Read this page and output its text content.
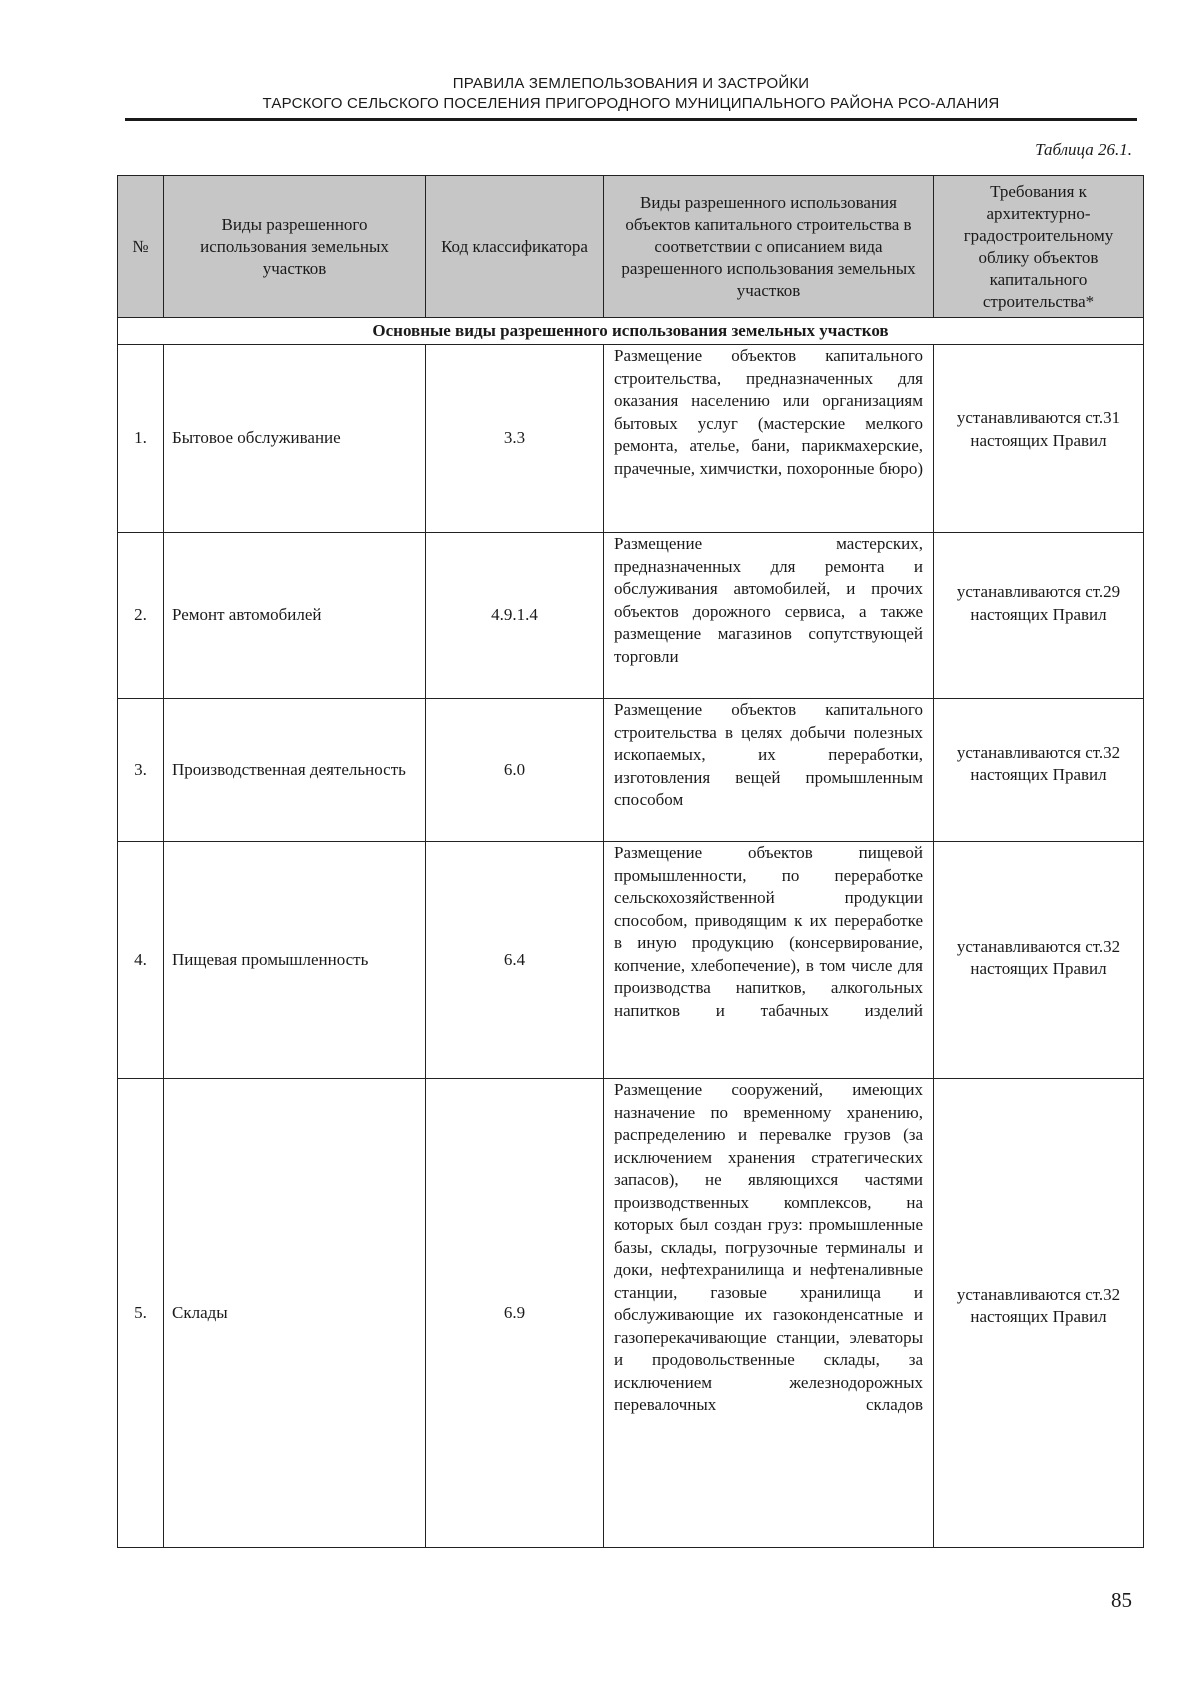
ПРАВИЛА ЗЕМЛЕПОЛЬЗОВАНИЯ И ЗАСТРОЙКИ
ТАРСКОГО СЕЛЬСКОГО ПОСЕЛЕНИЯ ПРИГОРОДНОГО МУНИЦИПАЛЬНОГО РАЙОНА РСО-АЛАНИЯ
Таблица 26.1.
№	Виды разрешенного использования земельных участков	Код классификатора	Виды разрешенного использования объектов капитального строительства в соответствии с описанием вида разрешенного использования земельных участков	Требования к архитектурно-градостроительному облику объектов капитального строительства*
Основные виды разрешенного использования земельных участков				
1.	Бытовое обслуживание	3.3	Размещение объектов капитального строительства, предназначенных для оказания населению или организациям бытовых услуг (мастерские мелкого ремонта, ателье, бани, парикмахерские, прачечные, химчистки, похоронные бюро)	устанавливаются ст.31 настоящих Правил

2.	Ремонт автомобилей	4.9.1.4	Размещение мастерских, предназначенных для ремонта и обслуживания автомобилей, и прочих объектов дорожного сервиса, а также размещение магазинов сопутствующей торговли	устанавливаются ст.29 настоящих Правил

3.	Производственная деятельность	6.0	Размещение объектов капитального строительства в целях добычи полезных ископаемых, их переработки, изготовления вещей промышленным способом	устанавливаются ст.32 настоящих Правил

4.	Пищевая промышленность	6.4	Размещение объектов пищевой промышленности, по переработке сельскохозяйственной продукции способом, приводящим к их переработке в иную продукцию (консервирование, копчение, хлебопечение), в том числе для производства напитков, алкогольных напитков и табачных изделий	устанавливаются ст.32 настоящих Правил

5.	Склады	6.9	Размещение сооружений, имеющих назначение по временному хранению, распределению и перевалке грузов (за исключением хранения стратегических запасов), не являющихся частями производственных комплексов, на которых был создан груз: промышленные базы, склады, погрузочные терминалы и доки, нефтехранилища и нефтеналивные станции, газовые хранилища и обслуживающие их газоконденсатные и газоперекачивающие станции, элеваторы и продовольственные склады, за исключением железнодорожных перевалочных складов	устанавливаются ст.32 настоящих Правил
85
